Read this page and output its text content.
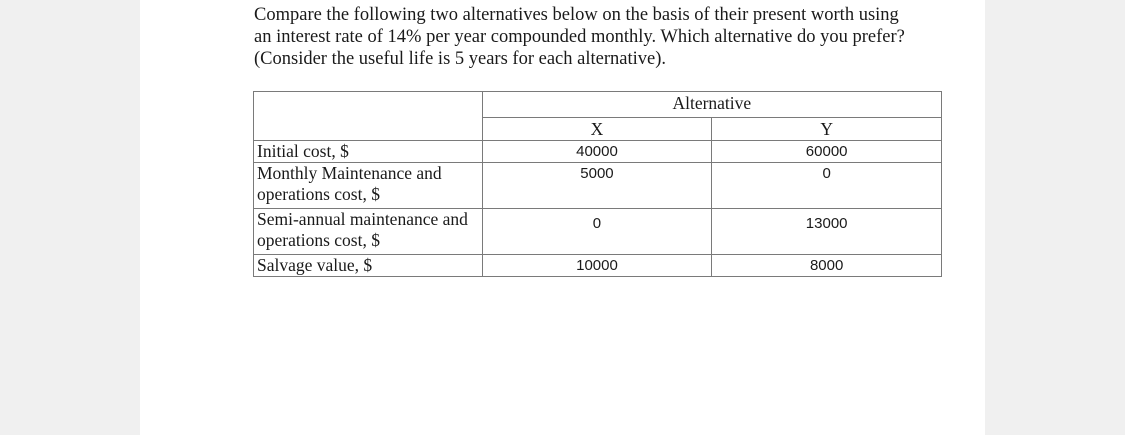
Compare the following two alternatives below on the basis of their present worth using
an interest rate of 14% per year compounded monthly. Which alternative do you prefer?
(Consider the useful life is 5 years for each alternative).
	Alternative	
	X	Y
Initial cost, $	40000	60000
Monthly Maintenance and operations cost, $	5000	0
Semi-annual maintenance and operations cost, $	0	13000
Salvage value, $	10000	8000
